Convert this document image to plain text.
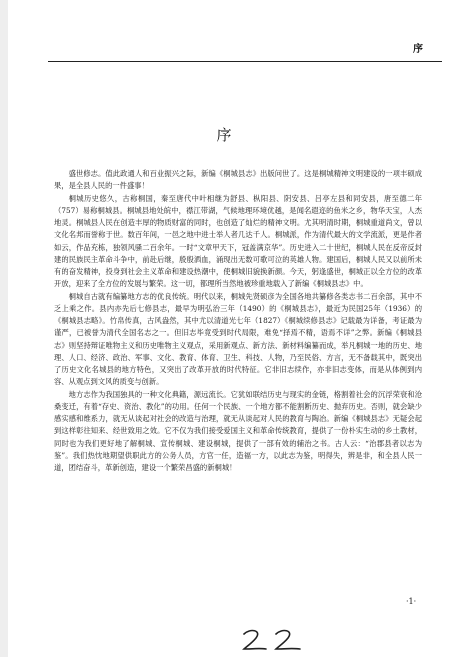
序
序

盛世修志。值此政通人和百业振兴之际，新编《桐城县志》出版问世了。这是桐城精神文明建设的一项丰硕成果，是全县人民的一件盛事！

桐城历史悠久，古称桐国，秦至唐代中叶相继为舒县、枞阳县、阴安县、吕亭左县和同安县，唐至德二年（757）易称桐城县。桐城县地处皖中，襟江带湖，气候地理环境优越，是闻名遐迩的鱼米之乡，物华天宝，人杰地灵。桐城县人民在创造丰厚的物质财富的同时，也创造了灿烂的精神文明。尤其明清时期，桐城重道尚文，曾以文化名邦而誉称于世。数百年间，一邑之地中进士举人者几达千人。桐城派，作为清代最大的文学流派，更是作者如云，作品充栋，独领风骚二百余年。一时“文章甲天下，冠盖满京华”。历史进入二十世纪，桐城人民在反帝反封建的民族民主革命斗争中，前赴后继，殷殷洒血，涌现出无数可歌可泣的英雄人物。建国后，桐城人民又以前所未有的奋发精神，投身到社会主义革命和建设热潮中，使桐城旧貌换新颜。今天，躬逢盛世，桐城正以全方位的改革开放，迎来了全方位的发展与繁荣。这一切，都理所当然地被珍重地载入了新编《桐城县志》中。

桐城自古就有编纂地方志的优良传统。明代以来，桐城先贤硕彦为全国各地共纂修各类志书二百余部，其中不乏上乘之作。县内亦先后七修县志，最早为明弘治三年（1490）的《桐城县志》，最近为民国25年（1936）的《桐城县志略》。竹帛传真，古风盎然，其中尤以清道光七年（1827）《桐城续修县志》记载最为详备，考证最为谨严，已被誉为清代全国名志之一。但旧志毕竟受到时代局限，难免“择焉不精，语焉不详”之弊。新编《桐城县志》则坚持辩证唯物主义和历史唯物主义观点，采用新观点、新方法、新材料编纂而成，举凡桐城一地的历史、地理、人口、经济、政治、军事、文化、教育、体育、卫生、科技、人物，乃至民俗、方言，无不备载其中，既突出了历史文化名城县的地方特色，又突出了改革开放的时代特征。它非旧志续作，亦非旧志变体，而是从体例到内容、从观点到文风的质变与创新。

地方志作为我国独具的一种文化典籍，源远流长。它犹如联结历史与现实的金链，格割着社会的沉浮荣衰和沧桑变迁，有着“存史、资治、教化”的功用。任何一个民族、一个地方都不能割断历史、抛弃历史。否则，就会缺少感实感和维系力，就无从谈起对社会的改造与治理，就无从谈起对人民的教育与陶冶。新编《桐城县志》无疑会起到这样彰往知来、经世致用之效。它不仅为我们接受爱国主义和革命传统教育，提供了一份朴实生动的乡土教材，同时也为我们更好地了解桐城、宣传桐城、建设桐城，提供了一部有效的辅治之书。古人云：“治郡县者以志为鉴”。我们热忱地期望供职此方的公务人员，方官一任，造福一方，以此志为鉴，明得失，辨是非，和全县人民一道，团结奋斗，革新创造，建设一个繁荣昌盛的新桐城！

·1·
